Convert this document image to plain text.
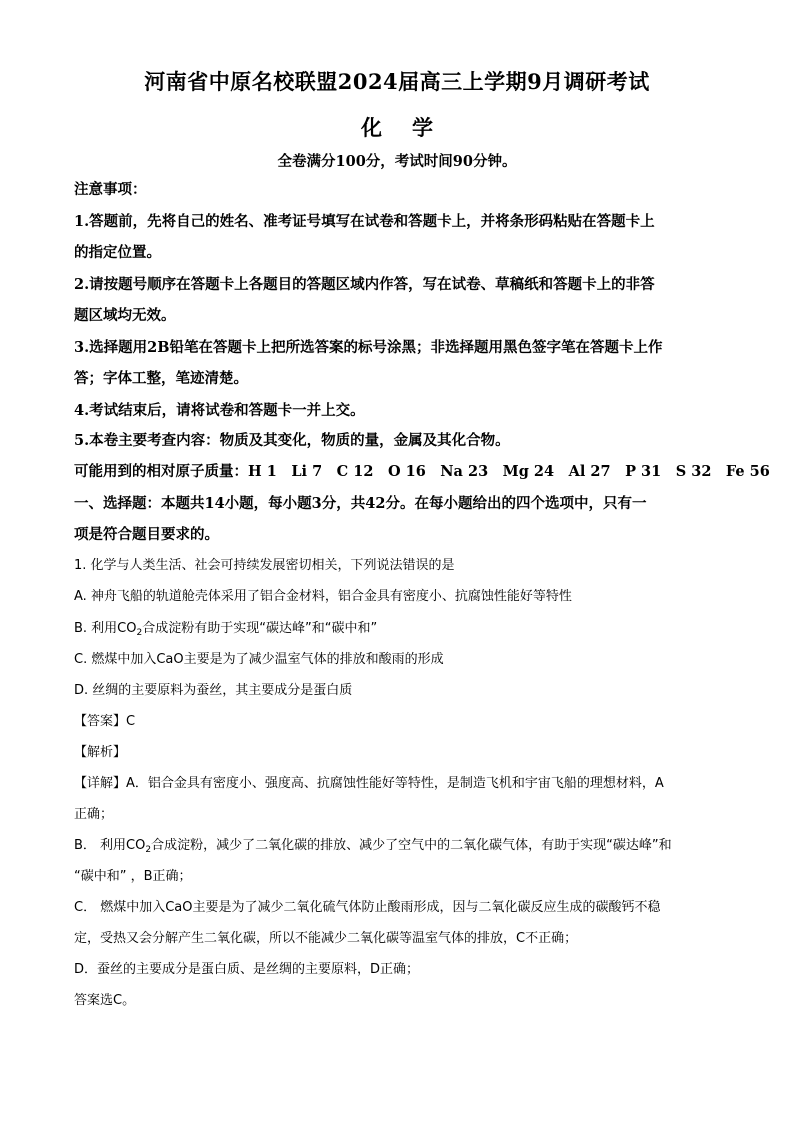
河南省中原名校联盟2024届高三上学期9月调研考试
化学
全卷满分100分，考试时间90分钟。
注意事项：
1.答题前，先将自己的姓名、准考证号填写在试卷和答题卡上，并将条形码粘贴在答题卡上
的指定位置。
2.请按题号顺序在答题卡上各题目的答题区域内作答，写在试卷、草稿纸和答题卡上的非答
题区域均无效。
3.选择题用2B铅笔在答题卡上把所选答案的标号涂黑；非选择题用黑色签字笔在答题卡上作
答；字体工整，笔迹清楚。
4.考试结束后，请将试卷和答题卡一并上交。
5.本卷主要考查内容：物质及其变化，物质的量，金属及其化合物。
可能用到的相对原子质量：H 1　Li 7　C 12　O 16　Na 23　Mg 24　Al 27　P 31　S 32　Fe 56
一、选择题：本题共14小题，每小题3分，共42分。在每小题给出的四个选项中，只有一
项是符合题目要求的。
1. 化学与人类生活、社会可持续发展密切相关，下列说法错误的是
A. 神舟飞船的轨道舱壳体采用了铝合金材料，铝合金具有密度小、抗腐蚀性能好等特性
B. 利用$CO_2$合成淀粉有助于实现“碳达峰”和“碳中和”
C. 燃煤中加入CaO主要是为了减少温室气体的排放和酸雨的形成
D. 丝绸的主要原料为蚕丝，其主要成分是蛋白质
【答案】C
【解析】
【详解】A．铝合金具有密度小、强度高、抗腐蚀性能好等特性，是制造飞机和宇宙飞船的理想材料，A
正确；
B． 利用$CO_2$合成淀粉，减少了二氧化碳的排放、减少了空气中的二氧化碳气体，有助于实现“碳达峰”和
“碳中和” ，B正确；
C． 燃煤中加入CaO主要是为了减少二氧化硫气体防止酸雨形成，因与二氧化碳反应生成的碳酸钙不稳
定，受热又会分解产生二氧化碳，所以不能减少二氧化碳等温室气体的排放，C不正确；
D．蚕丝的主要成分是蛋白质、是丝绸的主要原料，D正确；
答案选C。
